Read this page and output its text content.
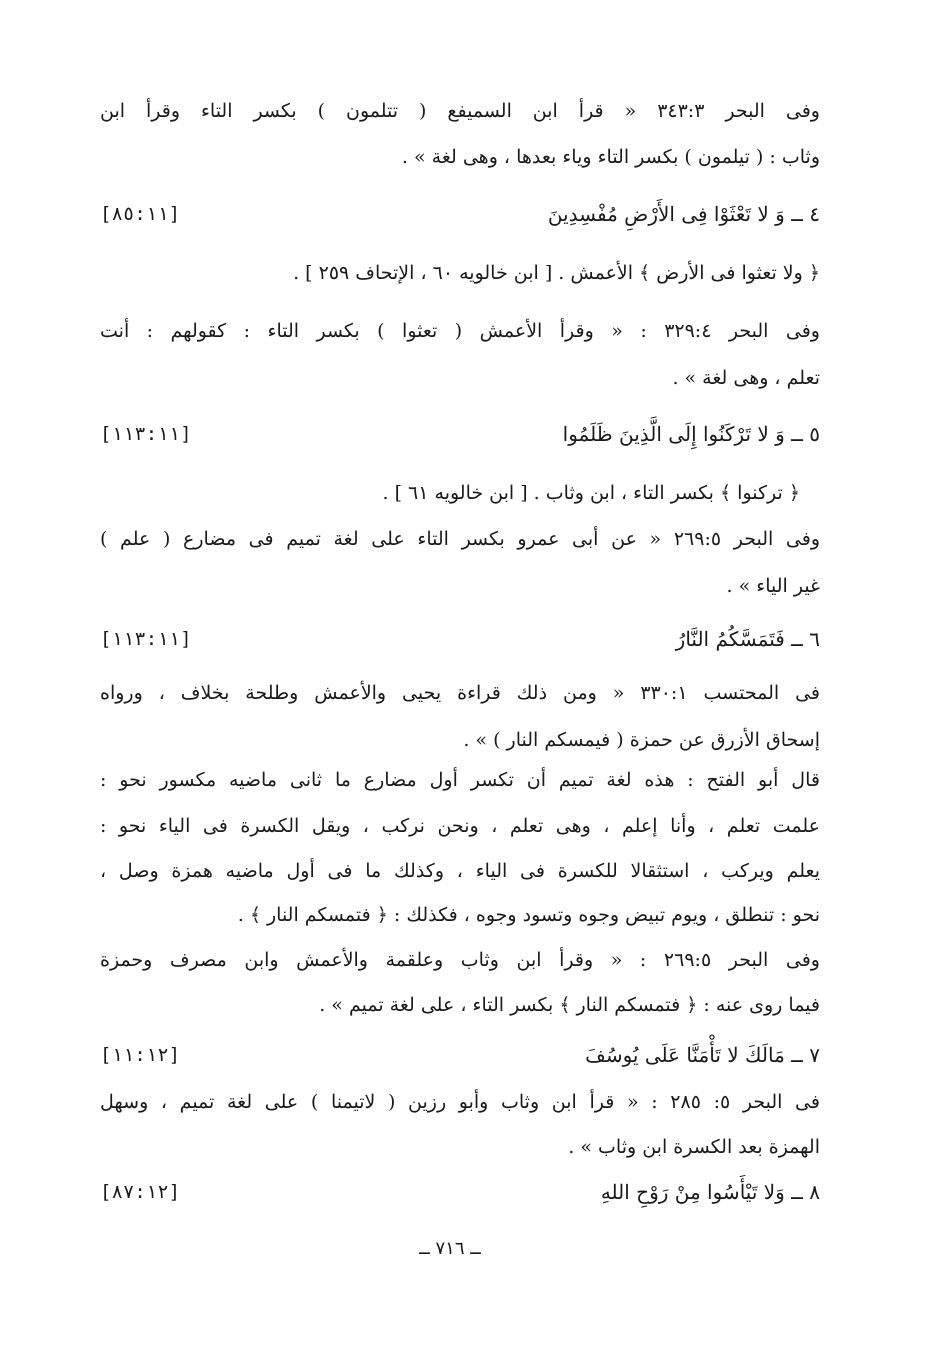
وفى البحر ٣٤٣:٣ « قرأ ابن السميفع ( تتلمون ) بكسر التاء وقرأ ابن
وثاب : ( تيلمون ) بكسر التاء وياء بعدها ، وهى لغة » .
٤ ــ وَ لا تَعْثَوْا فِى الأَرْضِ مُفْسِدِينَ
[٨٥:١١]
﴿ ولا تعثوا فى الأرض ﴾ الأعمش . [ ابن خالويه ٦٠ ، الإتحاف ٢٥٩ ] .
وفى البحر ٣٢٩:٤ : « وقرأ الأعمش ( تعثوا ) بكسر التاء : كقولهم : أنت
تعلم ، وهى لغة » .
٥ ــ وَ لا تَرْكَنُوا إِلَى الَّذِينَ ظَلَمُوا
[١١٣:١١]
﴿ تركنوا ﴾ بكسر التاء ، ابن وثاب . [ ابن خالويه ٦١ ] .
وفى البحر ٢٦٩:٥ « عن أبى عمرو بكسر التاء على لغة تميم فى مضارع ( علم )
غير الياء » .
٦ ــ فَتَمَسَّكُمُ النَّارُ
[١١٣:١١]
فى المحتسب ٣٣٠:١ « ومن ذلك قراءة يحيى والأعمش وطلحة بخلاف ، ورواه
إسحاق الأزرق عن حمزة ( فيمسكم النار ) » .
قال أبو الفتح : هذه لغة تميم أن تكسر أول مضارع ما ثانى ماضيه مكسور نحو :
علمت تعلم ، وأنا إعلم ، وهى تعلم ، ونحن نركب ، ويقل الكسرة فى الياء نحو :
يعلم ويركب ، استثقالا للكسرة فى الياء ، وكذلك ما فى أول ماضيه همزة وصل ،
نحو : تنطلق ، ويوم تبيض وجوه وتسود وجوه ، فكذلك : ﴿ فتمسكم النار ﴾ .
وفى البحر ٢٦٩:٥ : « وقرأ ابن وثاب وعلقمة والأعمش وابن مصرف وحمزة
فيما روى عنه : ﴿ فتمسكم النار ﴾ بكسر التاء ، على لغة تميم » .
٧ ــ مَالَكَ لا تَأْمَنَّا عَلَى يُوسُفَ
[١١:١٢]
فى البحر ٥: ٢٨٥ : « قرأ ابن وثاب وأبو رزين ( لاتيمنا ) على لغة تميم ، وسهل
الهمزة بعد الكسرة ابن وثاب » .
٨ ــ وَلا تَيْأَسُوا مِنْ رَوْحِ اللهِ
[٨٧:١٢]
ــ ٧١٦ ــ
